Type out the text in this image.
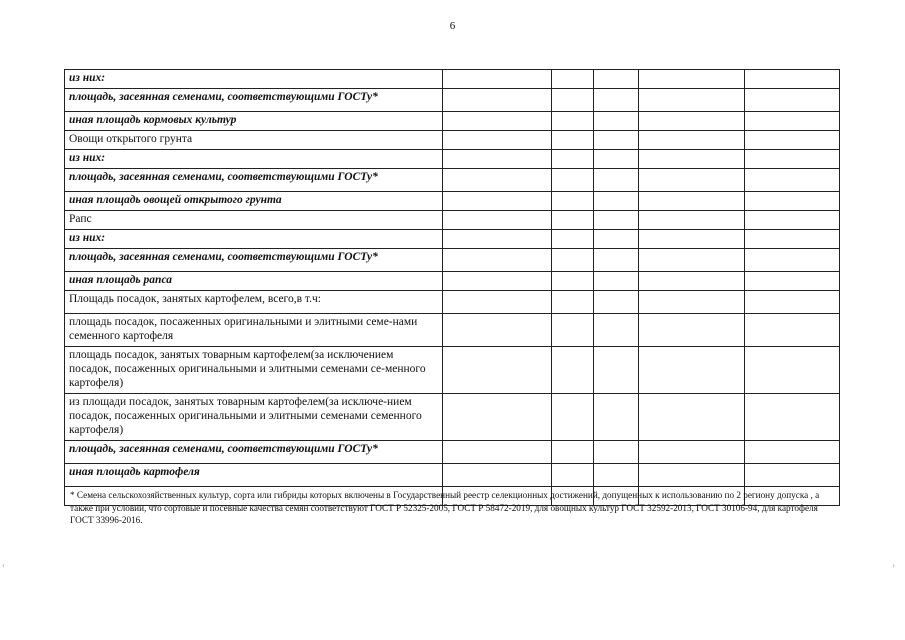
6
из них:					
площадь, засеянная семенами, соответствующими ГОСТу*					
иная площадь кормовых культур					
Овощи открытого грунта					
из них:					
площадь, засеянная семенами, соответствующими ГОСТу*					
иная площадь овощей открытого грунта					
Рапс					
из них:					
площадь, засеянная семенами, соответствующими ГОСТу*					
иная площадь рапса					
Площадь посадок, занятых картофелем, всего,в т.ч:					
площадь посадок, посаженных оригинальными и элитными семе-нами семенного картофеля					
площадь посадок, занятых товарным картофелем(за исключением посадок, посаженных оригинальными и элитными семенами се-менного картофеля)					
из площади посадок, занятых товарным картофелем(за исключе-нием посадок, посаженных оригинальными и элитными семенами семенного картофеля)					
площадь, засеянная семенами, соответствующими ГОСТу*					
иная площадь картофеля					

* Семена сельскохозяйственных культур, сорта или гибриды которых включены в Государственный реестр селекционных достижений, допущенных к использованию по 2 региону допуска , а также при условии, что сортовые и посевные качества семян соответствуют ГОСТ Р 52325-2005, ГОСТ Р 58472-2019, для овощных культур ГОСТ 32592-2013, ГОСТ 30106-94, для картофеля ГОСТ 33996-2016.
‹	›
